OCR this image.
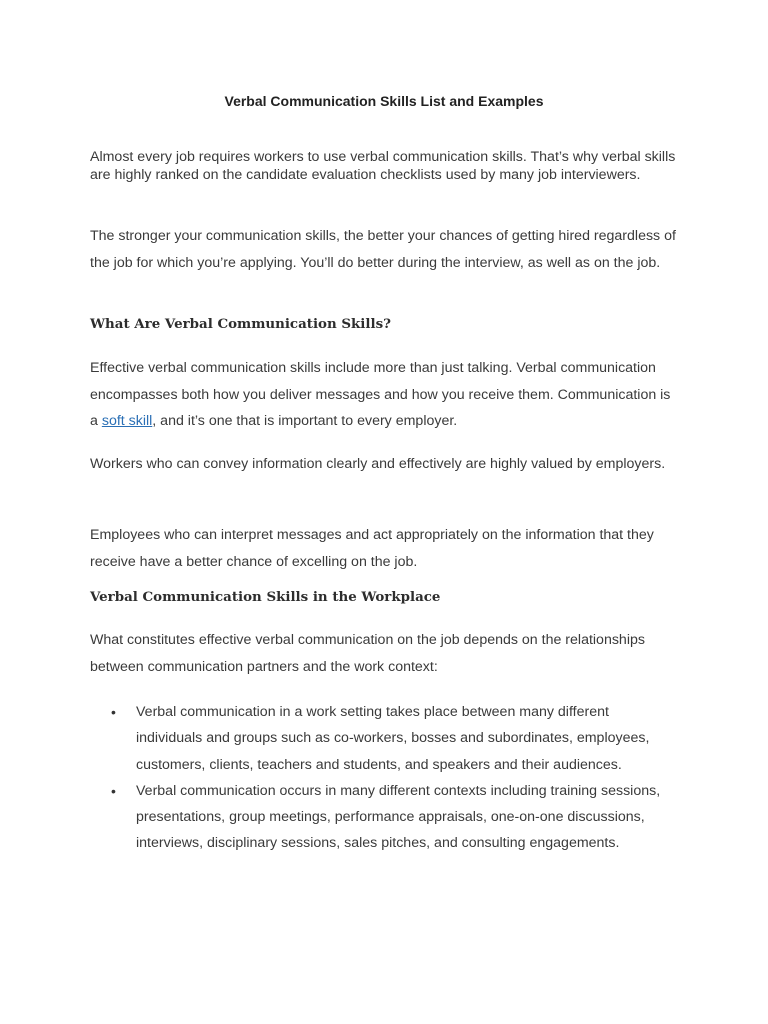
Verbal Communication Skills List and Examples

Almost every job requires workers to use verbal communication skills. That’s why verbal skills are highly ranked on the candidate evaluation checklists used by many job interviewers.

The stronger your communication skills, the better your chances of getting hired regardless of the job for which you’re applying. You’ll do better during the interview, as well as on the job.

What Are Verbal Communication Skills?

Effective verbal communication skills include more than just talking. Verbal communication encompasses both how you deliver messages and how you receive them. Communication is a soft skill, and it’s one that is important to every employer.

Workers who can convey information clearly and effectively are highly valued by employers.

Employees who can interpret messages and act appropriately on the information that they receive have a better chance of excelling on the job.

Verbal Communication Skills in the Workplace

What constitutes effective verbal communication on the job depends on the relationships between communication partners and the work context:

• Verbal communication in a work setting takes place between many different individuals and groups such as co-workers, bosses and subordinates, employees, customers, clients, teachers and students, and speakers and their audiences.
• Verbal communication occurs in many different contexts including training sessions, presentations, group meetings, performance appraisals, one-on-one discussions, interviews, disciplinary sessions, sales pitches, and consulting engagements.
